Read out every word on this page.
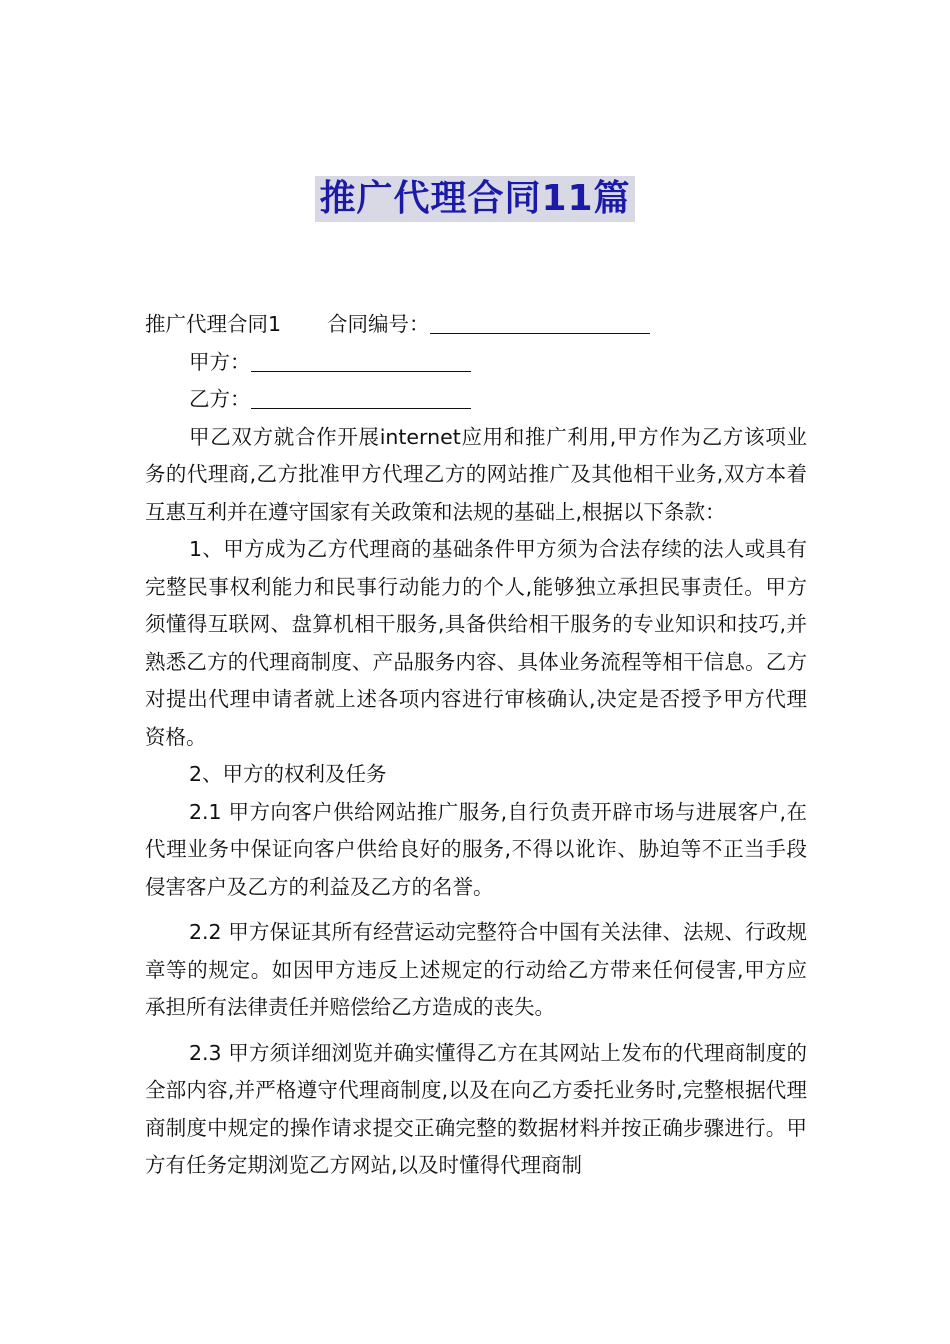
推广代理合同11篇
推广代理合同1 合同编号：
甲方：
乙方：

甲乙双方就合作开展internet应用和推广利用,甲方作为乙方该项业务的代理商,乙方批准甲方代理乙方的网站推广及其他相干业务,双方本着互惠互利并在遵守国家有关政策和法规的基础上,根据以下条款：

1、甲方成为乙方代理商的基础条件甲方须为合法存续的法人或具有完整民事权利能力和民事行动能力的个人,能够独立承担民事责任。甲方须懂得互联网、盘算机相干服务,具备供给相干服务的专业知识和技巧,并熟悉乙方的代理商制度、产品服务内容、具体业务流程等相干信息。乙方对提出代理申请者就上述各项内容进行审核确认,决定是否授予甲方代理资格。

2、甲方的权利及任务

2.1 甲方向客户供给网站推广服务,自行负责开辟市场与进展客户,在代理业务中保证向客户供给良好的服务,不得以讹诈、胁迫等不正当手段侵害客户及乙方的利益及乙方的名誉。

2.2 甲方保证其所有经营运动完整符合中国有关法律、法规、行政规章等的规定。如因甲方违反上述规定的行动给乙方带来任何侵害,甲方应承担所有法律责任并赔偿给乙方造成的丧失。

2.3 甲方须详细浏览并确实懂得乙方在其网站上发布的代理商制度的全部内容,并严格遵守代理商制度,以及在向乙方委托业务时,完整根据代理商制度中规定的操作请求提交正确完整的数据材料并按正确步骤进行。甲方有任务定期浏览乙方网站,以及时懂得代理商制
